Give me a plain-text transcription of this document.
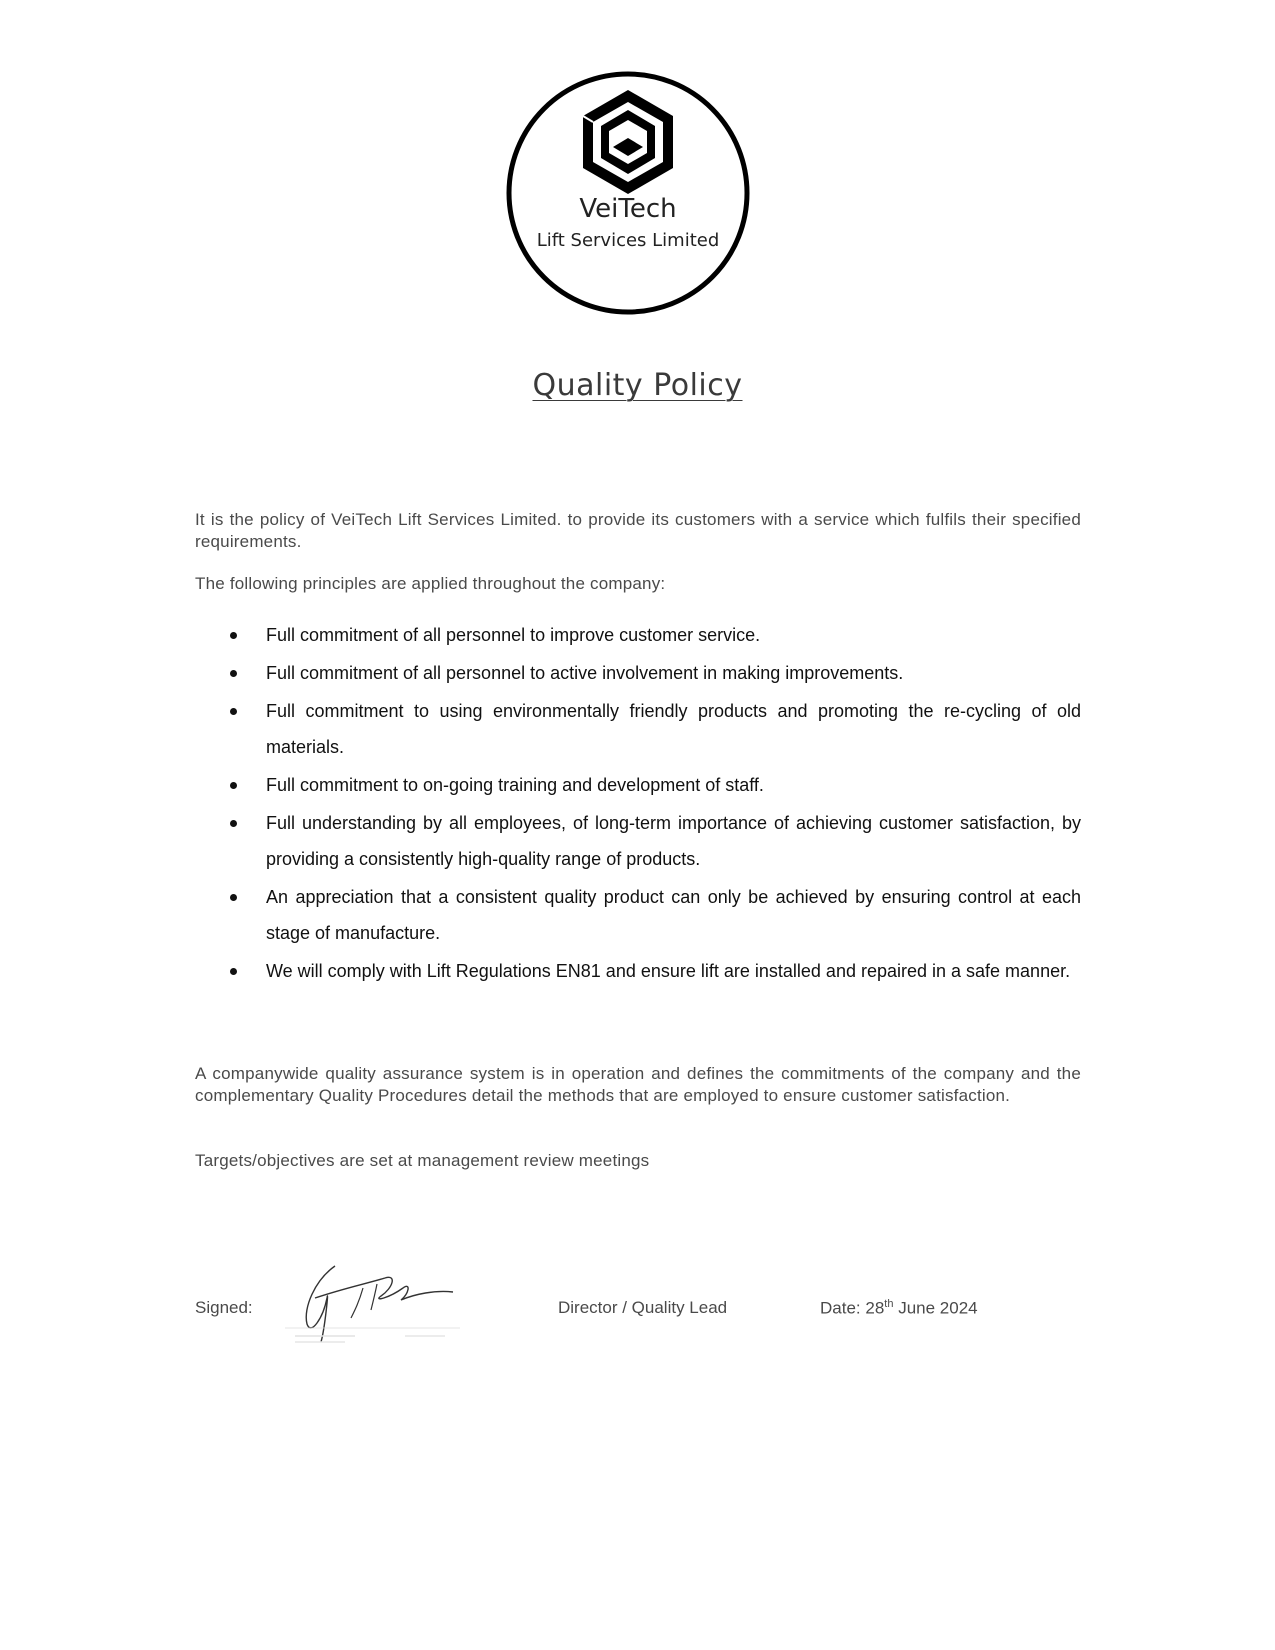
VeiTech
Lift Services Limited
Quality Policy
It is the policy of VeiTech Lift Services Limited. to provide its customers with a service which fulfils their specified requirements.
The following principles are applied throughout the company:
Full commitment of all personnel to improve customer service.
Full commitment of all personnel to active involvement in making improvements.
Full commitment to using environmentally friendly products and promoting the re-cycling of old materials.
Full commitment to on-going training and development of staff.
Full understanding by all employees, of long-term importance of achieving customer satisfaction, by providing a consistently high-quality range of products.
An appreciation that a consistent quality product can only be achieved by ensuring control at each stage of manufacture.
We will comply with Lift Regulations EN81 and ensure lift are installed and repaired in a safe manner.
A companywide quality assurance system is in operation and defines the commitments of the company and the complementary Quality Procedures detail the methods that are employed to ensure customer satisfaction.
Targets/objectives are set at management review meetings
Signed:	Director / Quality Lead	Date: 28th June 2024
